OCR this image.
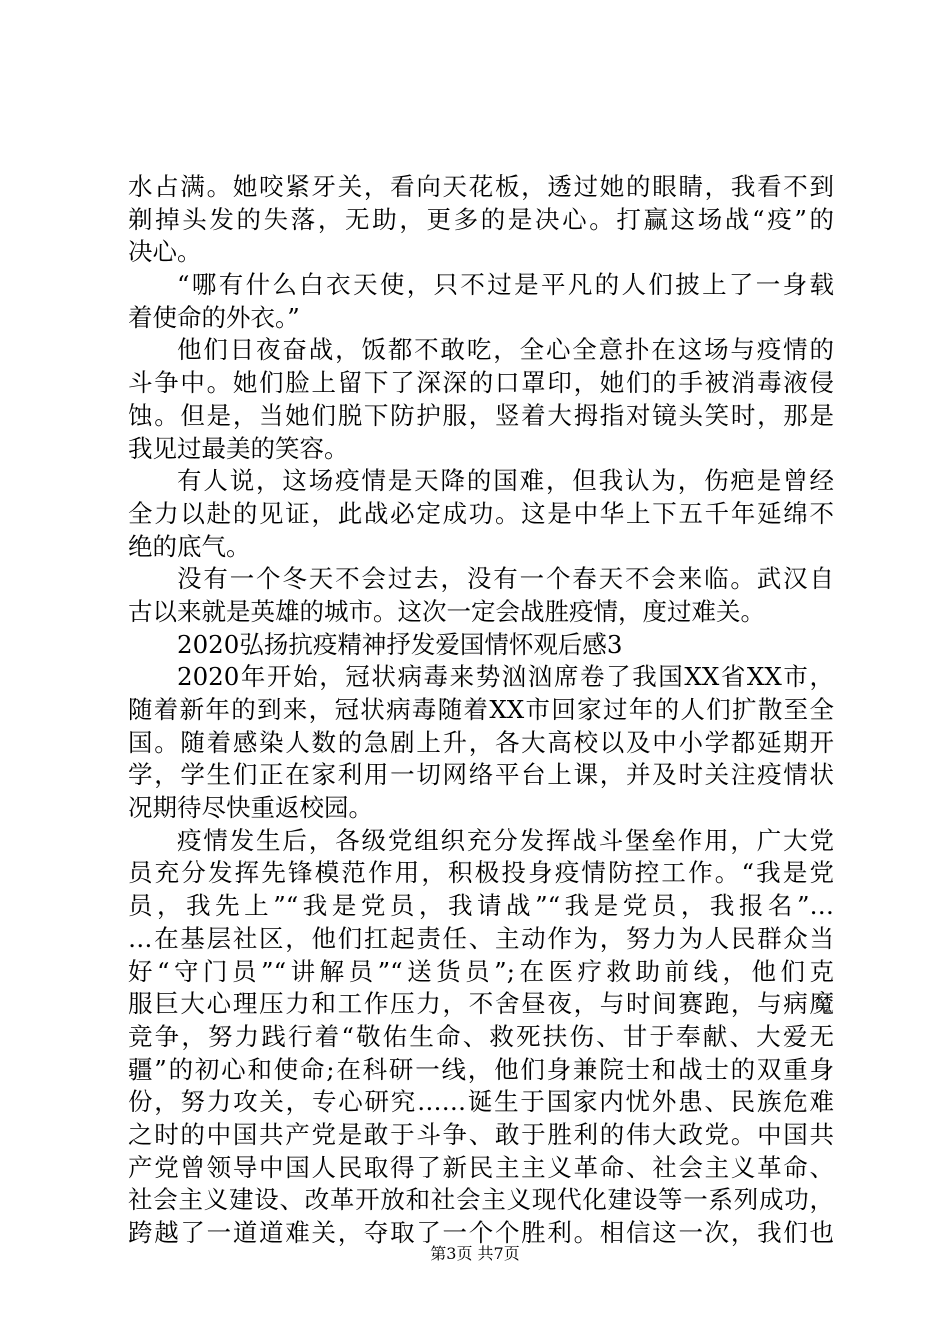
水占满。她咬紧牙关，看向天花板，透过她的眼睛，我看不到
剃掉头发的失落，无助，更多的是决心。打赢这场战“疫”的
决心。
“哪有什么白衣天使，只不过是平凡的人们披上了一身载
着使命的外衣。”
他们日夜奋战，饭都不敢吃，全心全意扑在这场与疫情的
斗争中。她们脸上留下了深深的口罩印，她们的手被消毒液侵
蚀。但是，当她们脱下防护服，竖着大拇指对镜头笑时，那是
我见过最美的笑容。
有人说，这场疫情是天降的国难，但我认为，伤疤是曾经
全力以赴的见证，此战必定成功。这是中华上下五千年延绵不
绝的底气。
没有一个冬天不会过去，没有一个春天不会来临。武汉自
古以来就是英雄的城市。这次一定会战胜疫情，度过难关。
2020弘扬抗疫精神抒发爱国情怀观后感3
2020年开始，冠状病毒来势汹汹席卷了我国XX省XX市，
随着新年的到来，冠状病毒随着XX市回家过年的人们扩散至全
国。随着感染人数的急剧上升，各大高校以及中小学都延期开
学，学生们正在家利用一切网络平台上课，并及时关注疫情状
况期待尽快重返校园。
疫情发生后，各级党组织充分发挥战斗堡垒作用，广大党
员充分发挥先锋模范作用，积极投身疫情防控工作。“我是党
员，我先上”“我是党员，我请战”“我是党员，我报名”…
…在基层社区，他们扛起责任、主动作为，努力为人民群众当
好“守门员”“讲解员”“送货员”;在医疗救助前线，他们克
服巨大心理压力和工作压力，不舍昼夜，与时间赛跑，与病魔
竞争，努力践行着“敬佑生命、救死扶伤、甘于奉献、大爱无
疆”的初心和使命;在科研一线，他们身兼院士和战士的双重身
份，努力攻关，专心研究……诞生于国家内忧外患、民族危难
之时的中国共产党是敢于斗争、敢于胜利的伟大政党。中国共
产党曾领导中国人民取得了新民主主义革命、社会主义革命、
社会主义建设、改革开放和社会主义现代化建设等一系列成功，
跨越了一道道难关，夺取了一个个胜利。相信这一次，我们也
第3页 共7页
